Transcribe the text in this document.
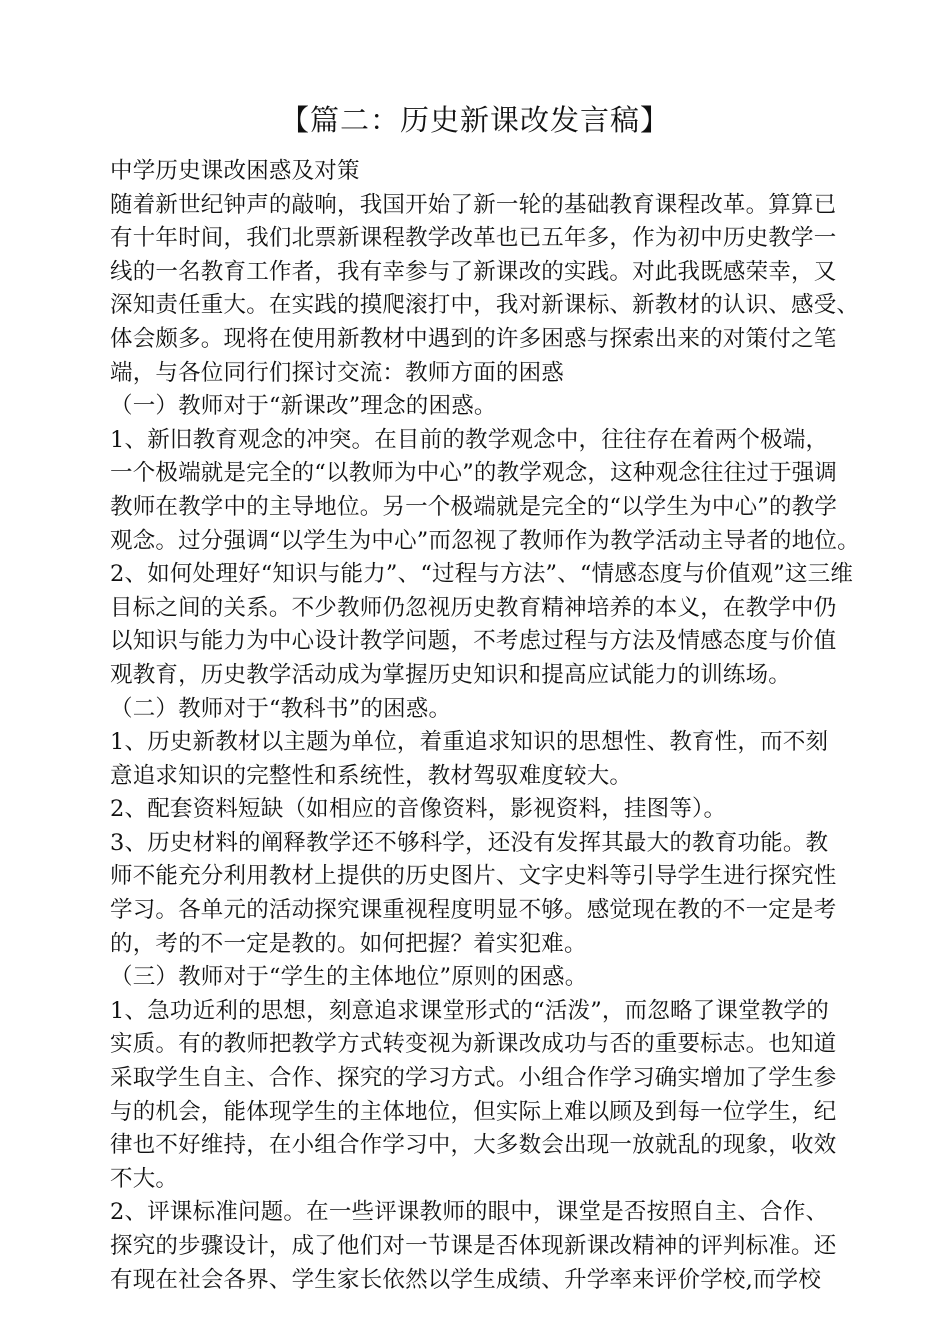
【篇二：历史新课改发言稿】
中学历史课改困惑及对策
随着新世纪钟声的敲响，我国开始了新一轮的基础教育课程改革。算算已
有十年时间，我们北票新课程教学改革也已五年多，作为初中历史教学一
线的一名教育工作者，我有幸参与了新课改的实践。对此我既感荣幸，又
深知责任重大。在实践的摸爬滚打中，我对新课标、新教材的认识、感受、
体会颇多。现将在使用新教材中遇到的许多困惑与探索出来的对策付之笔
端，与各位同行们探讨交流：教师方面的困惑
（一）教师对于“新课改”理念的困惑。
1、新旧教育观念的冲突。在目前的教学观念中，往往存在着两个极端，
一个极端就是完全的“以教师为中心”的教学观念，这种观念往往过于强调
教师在教学中的主导地位。另一个极端就是完全的“以学生为中心”的教学
观念。过分强调“以学生为中心”而忽视了教师作为教学活动主导者的地位。
2、如何处理好“知识与能力”、“过程与方法”、“情感态度与价值观”这三维
目标之间的关系。不少教师仍忽视历史教育精神培养的本义，在教学中仍
以知识与能力为中心设计教学问题，不考虑过程与方法及情感态度与价值
观教育，历史教学活动成为掌握历史知识和提高应试能力的训练场。
（二）教师对于“教科书”的困惑。
1、历史新教材以主题为单位，着重追求知识的思想性、教育性，而不刻
意追求知识的完整性和系统性，教材驾驭难度较大。
2、配套资料短缺（如相应的音像资料，影视资料，挂图等）。
3、历史材料的阐释教学还不够科学，还没有发挥其最大的教育功能。教
师不能充分利用教材上提供的历史图片、文字史料等引导学生进行探究性
学习。各单元的活动探究课重视程度明显不够。感觉现在教的不一定是考
的，考的不一定是教的。如何把握？着实犯难。
（三）教师对于“学生的主体地位”原则的困惑。
1、急功近利的思想，刻意追求课堂形式的“活泼”，而忽略了课堂教学的
实质。有的教师把教学方式转变视为新课改成功与否的重要标志。也知道
采取学生自主、合作、探究的学习方式。小组合作学习确实增加了学生参
与的机会，能体现学生的主体地位，但实际上难以顾及到每一位学生，纪
律也不好维持，在小组合作学习中，大多数会出现一放就乱的现象，收效
不大。
2、评课标准问题。在一些评课教师的眼中，课堂是否按照自主、合作、
探究的步骤设计，成了他们对一节课是否体现新课改精神的评判标准。还
有现在社会各界、学生家长依然以学生成绩、升学率来评价学校,而学校
